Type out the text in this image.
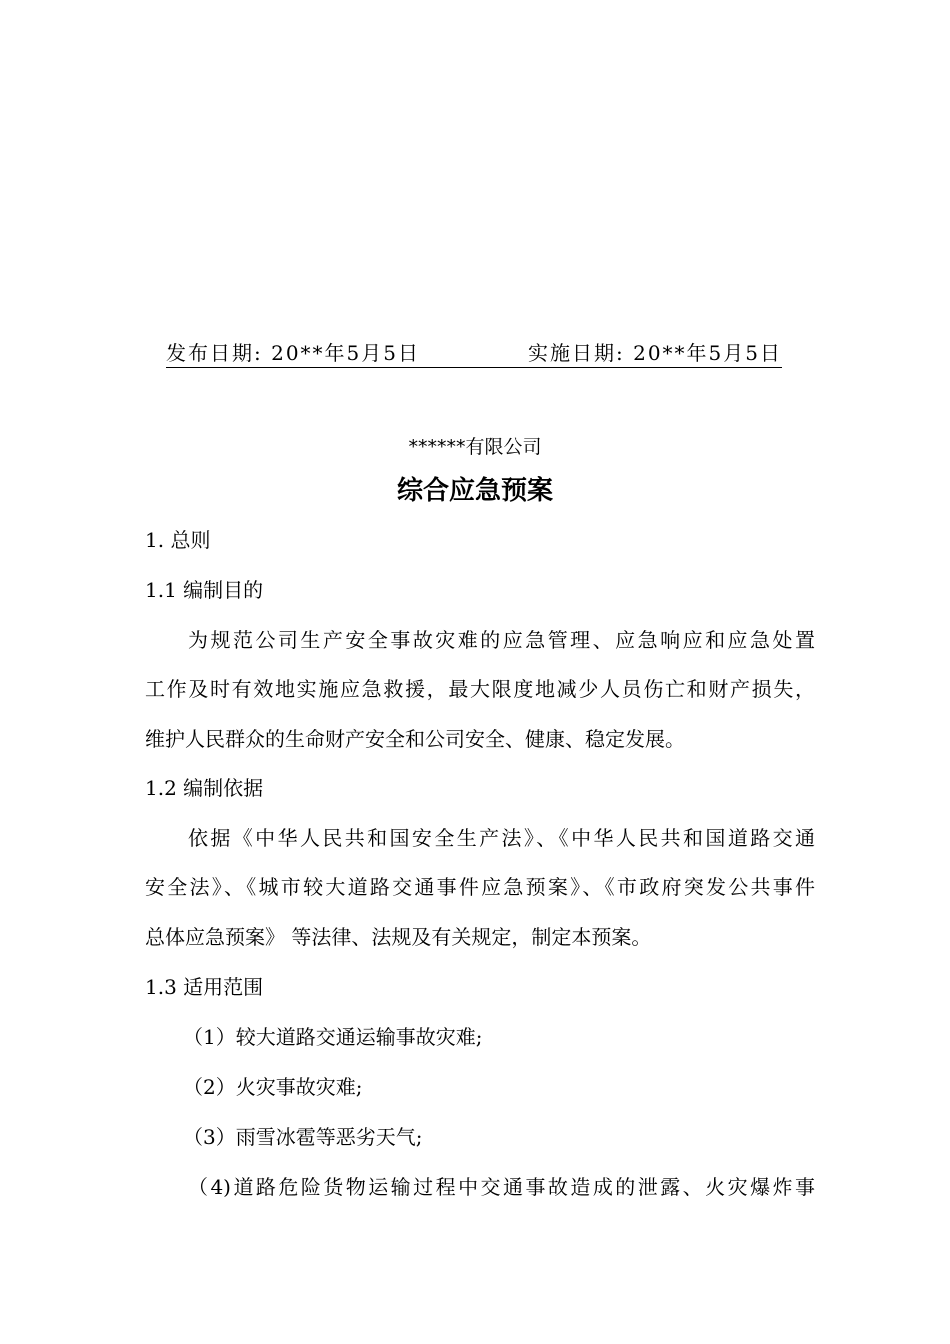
发布日期: 20**年5月5日	实施日期: 20**年5月5日
******有限公司
综合应急预案
1. 总则
1.1 编制目的
为规范公司生产安全事故灾难的应急管理、应急响应和应急处置
工作及时有效地实施应急救援，最大限度地减少人员伤亡和财产损失，
维护人民群众的生命财产安全和公司安全、健康、稳定发展。
1.2 编制依据
依据《中华人民共和国安全生产法》、《中华人民共和国道路交通
安全法》、《城市较大道路交通事件应急预案》、《市政府突发公共事件
总体应急预案》 等法律、法规及有关规定，制定本预案。
1.3 适用范围
（1）较大道路交通运输事故灾难;
（2）火灾事故灾难;
（3）雨雪冰雹等恶劣天气;
（4)道路危险货物运输过程中交通事故造成的泄露、火灾爆炸事
